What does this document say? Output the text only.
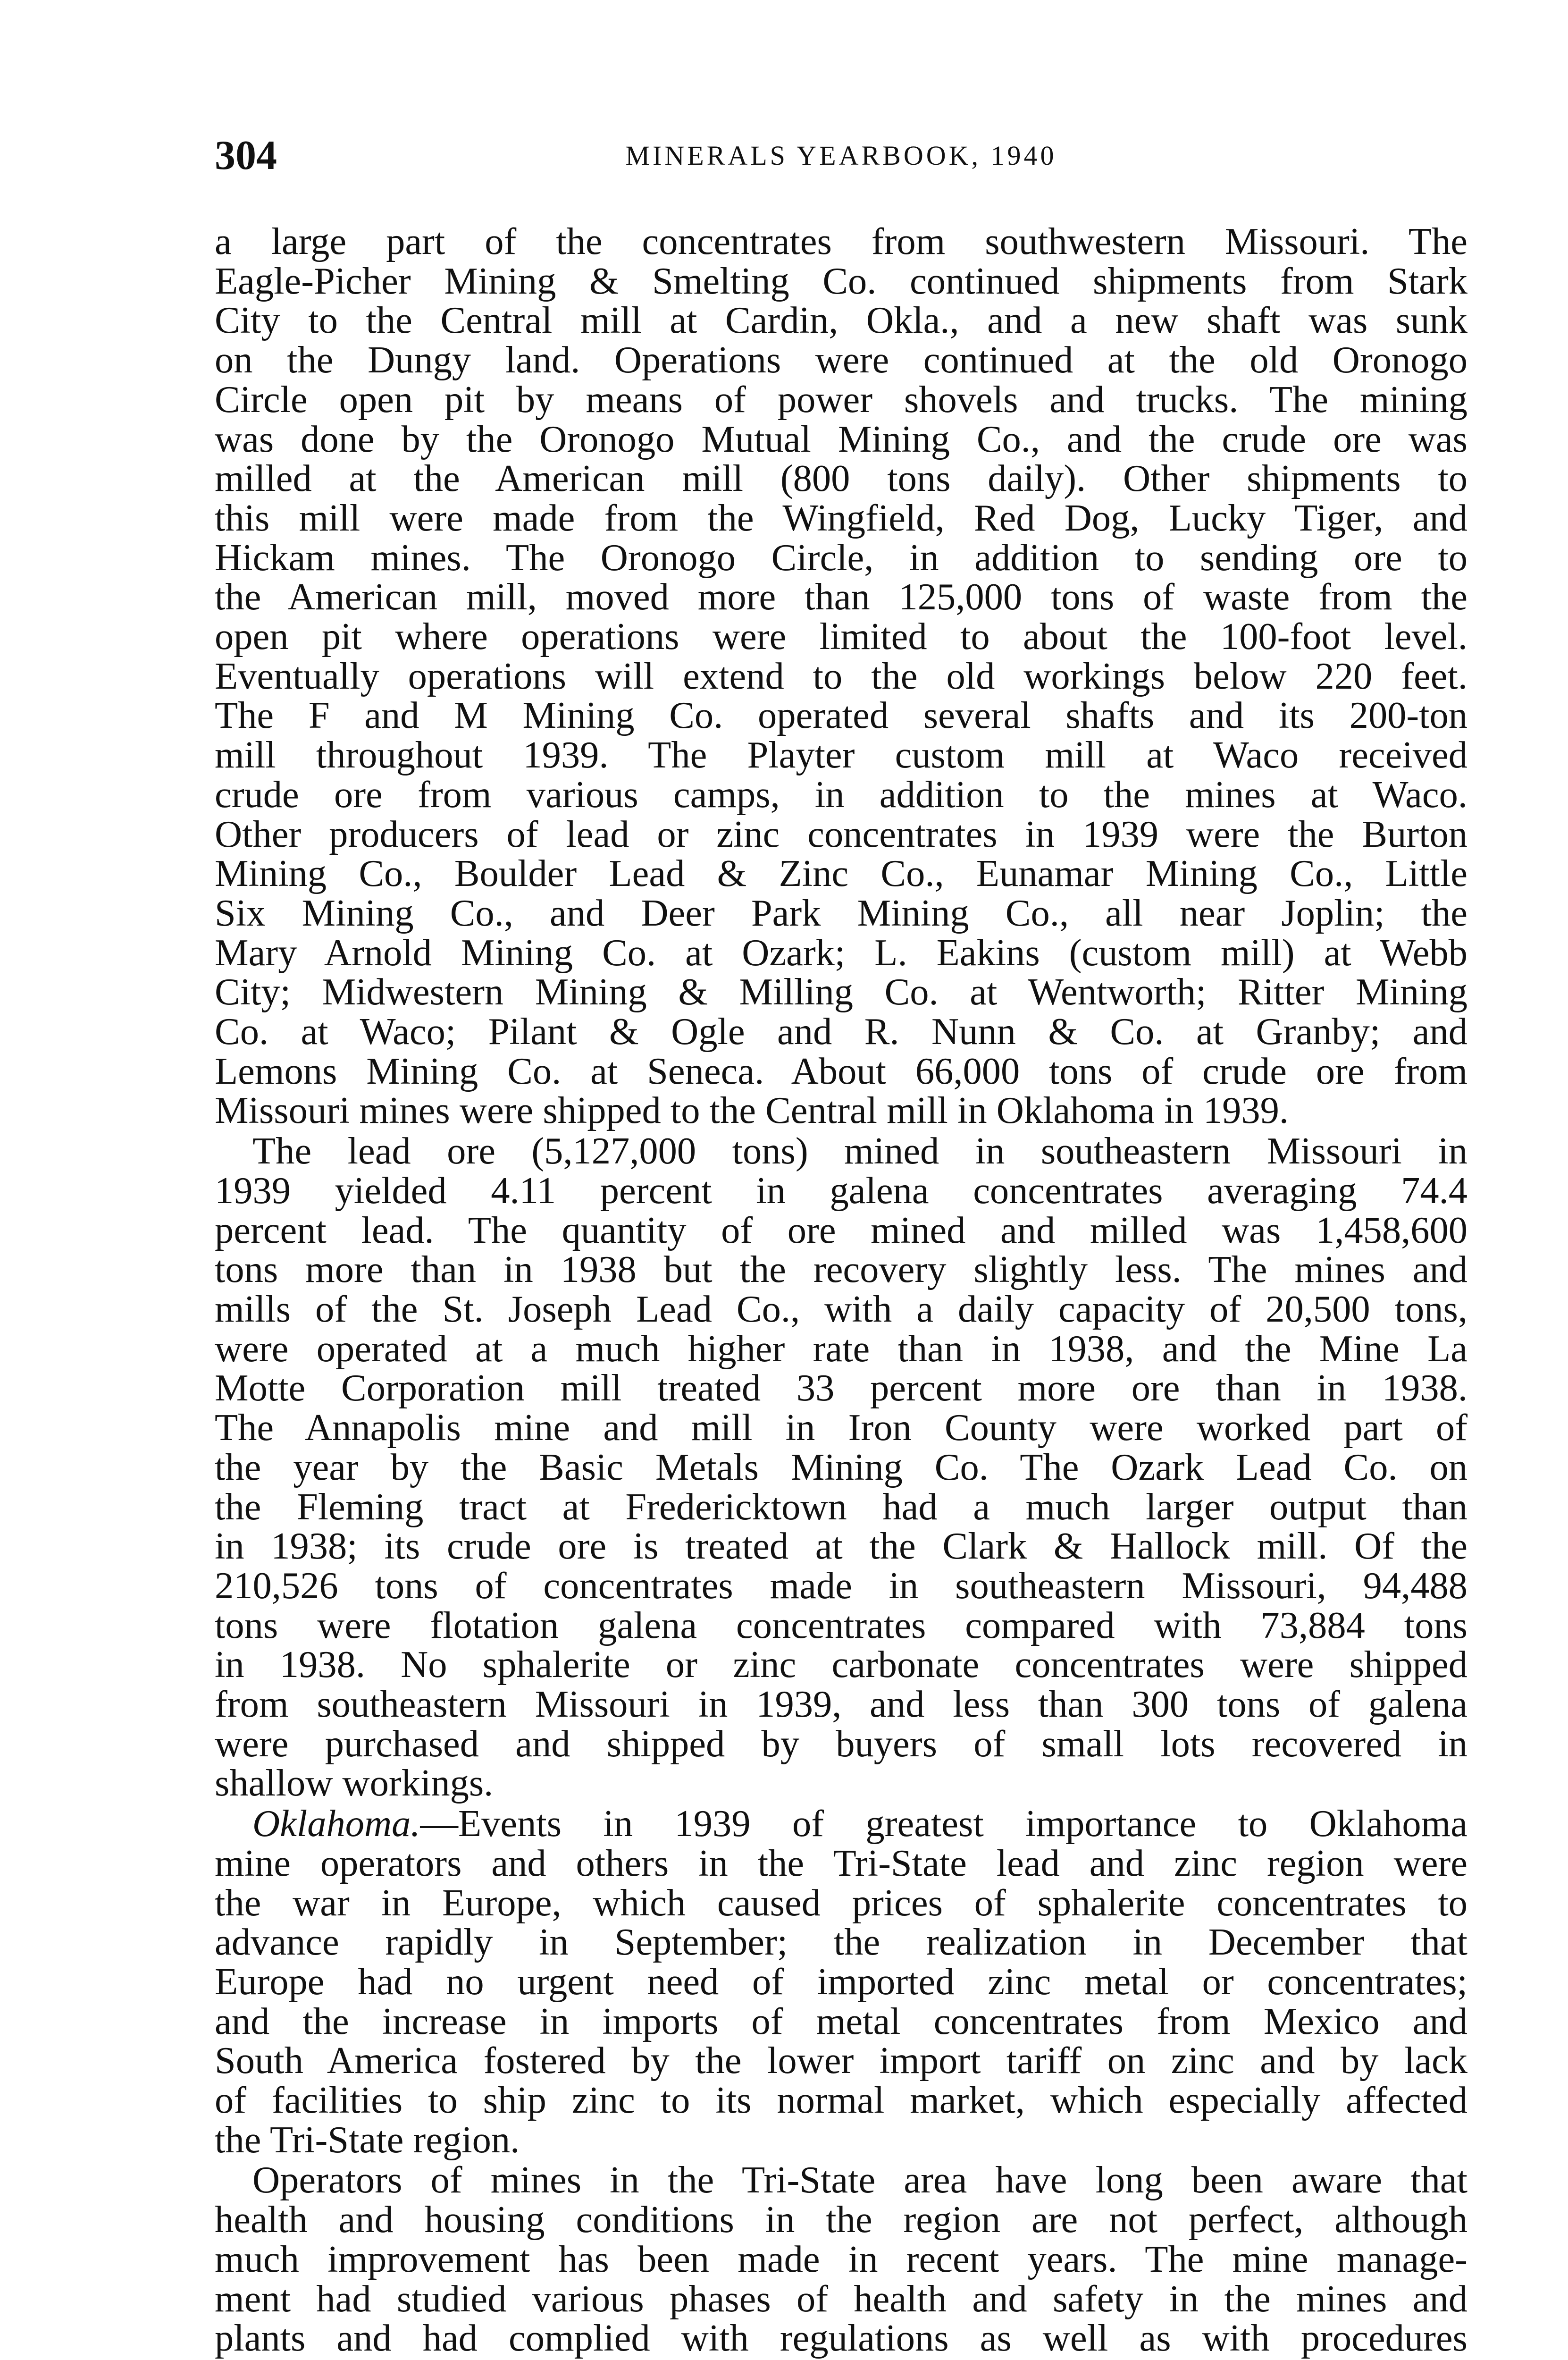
304	MINERALS YEARBOOK, 1940
a large part of the concentrates from southwestern Missouri. The
Eagle-Picher Mining & Smelting Co. continued shipments from Stark
City to the Central mill at Cardin, Okla., and a new shaft was sunk
on the Dungy land. Operations were continued at the old Oronogo
Circle open pit by means of power shovels and trucks. The mining
was done by the Oronogo Mutual Mining Co., and the crude ore was
milled at the American mill (800 tons daily). Other shipments to
this mill were made from the Wingfield, Red Dog, Lucky Tiger, and
Hickam mines. The Oronogo Circle, in addition to sending ore to
the American mill, moved more than 125,000 tons of waste from the
open pit where operations were limited to about the 100-foot level.
Eventually operations will extend to the old workings below 220 feet.
The F and M Mining Co. operated several shafts and its 200-ton
mill throughout 1939. The Playter custom mill at Waco received
crude ore from various camps, in addition to the mines at Waco.
Other producers of lead or zinc concentrates in 1939 were the Burton
Mining Co., Boulder Lead & Zinc Co., Eunamar Mining Co., Little
Six Mining Co., and Deer Park Mining Co., all near Joplin; the
Mary Arnold Mining Co. at Ozark; L. Eakins (custom mill) at Webb
City; Midwestern Mining & Milling Co. at Wentworth; Ritter Mining
Co. at Waco; Pilant & Ogle and R. Nunn & Co. at Granby; and
Lemons Mining Co. at Seneca. About 66,000 tons of crude ore from
Missouri mines were shipped to the Central mill in Oklahoma in 1939.
The lead ore (5,127,000 tons) mined in southeastern Missouri in
1939 yielded 4.11 percent in galena concentrates averaging 74.4
percent lead. The quantity of ore mined and milled was 1,458,600
tons more than in 1938 but the recovery slightly less. The mines and
mills of the St. Joseph Lead Co., with a daily capacity of 20,500 tons,
were operated at a much higher rate than in 1938, and the Mine La
Motte Corporation mill treated 33 percent more ore than in 1938.
The Annapolis mine and mill in Iron County were worked part of
the year by the Basic Metals Mining Co. The Ozark Lead Co. on
the Fleming tract at Fredericktown had a much larger output than
in 1938; its crude ore is treated at the Clark & Hallock mill. Of the
210,526 tons of concentrates made in southeastern Missouri, 94,488
tons were flotation galena concentrates compared with 73,884 tons
in 1938. No sphalerite or zinc carbonate concentrates were shipped
from southeastern Missouri in 1939, and less than 300 tons of galena
were purchased and shipped by buyers of small lots recovered in
shallow workings.
Oklahoma.—Events in 1939 of greatest importance to Oklahoma
mine operators and others in the Tri-State lead and zinc region were
the war in Europe, which caused prices of sphalerite concentrates to
advance rapidly in September; the realization in December that
Europe had no urgent need of imported zinc metal or concentrates;
and the increase in imports of metal concentrates from Mexico and
South America fostered by the lower import tariff on zinc and by lack
of facilities to ship zinc to its normal market, which especially affected
the Tri-State region.
Operators of mines in the Tri-State area have long been aware that
health and housing conditions in the region are not perfect, although
much improvement has been made in recent years. The mine manage-
ment had studied various phases of health and safety in the mines and
plants and had complied with regulations as well as with procedures
